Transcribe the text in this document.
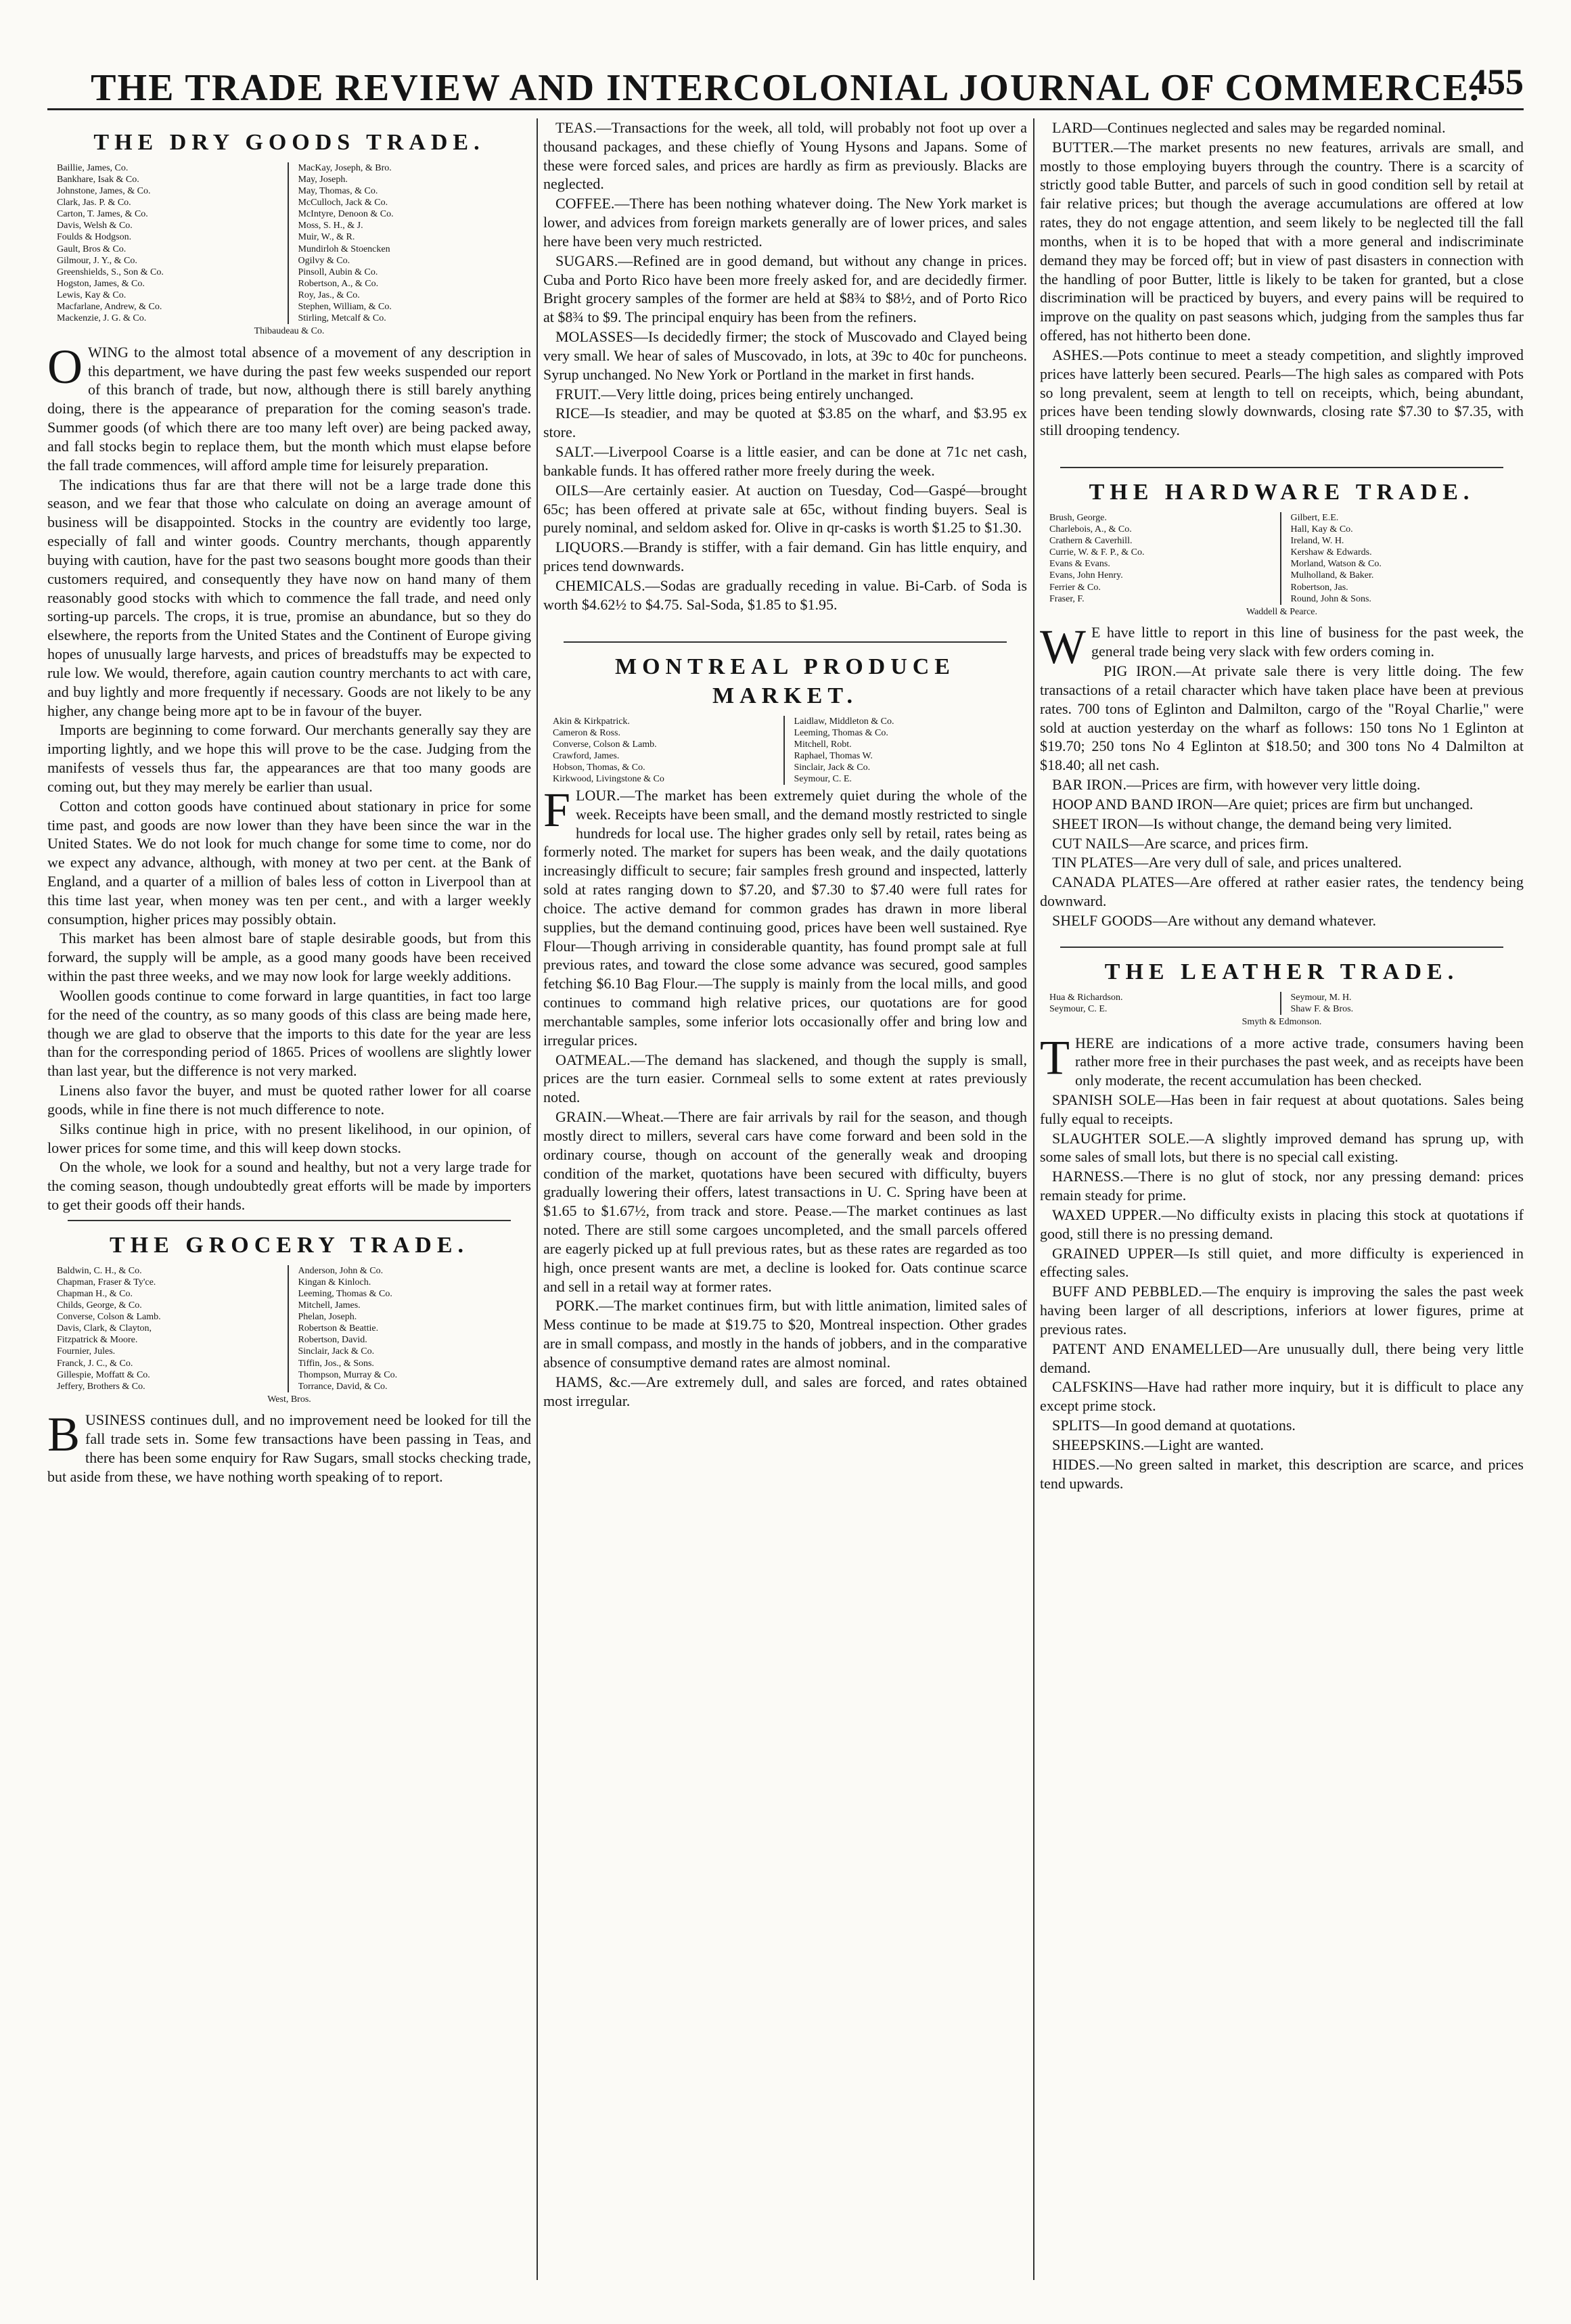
THE TRADE REVIEW AND INTERCOLONIAL JOURNAL OF COMMERCE.
455
THE DRY GOODS TRADE.
Baillie, James, Co.
Bankhare, Isak & Co.
Johnstone, James, & Co.
Clark, Jas. P. & Co.
Carton, T. James, & Co.
Davis, Welsh & Co.
Foulds & Hodgson.
Gault, Bros & Co.
Gilmour, J. Y., & Co.
Greenshields, S., Son & Co.
Hogston, James, & Co.
Lewis, Kay & Co.
Macfarlane, Andrew, & Co.
Mackenzie, J. G. & Co.
MacKay, Joseph, & Bro.
May, Joseph.
May, Thomas, & Co.
McCulloch, Jack & Co.
McIntyre, Denoon & Co.
Moss, S. H., & J.
Muir, W., & R.
Mundirloh & Stoencken
Ogilvy & Co.
Pinsoll, Aubin & Co.
Robertson, A., & Co.
Roy, Jas., & Co.
Stephen, William, & Co.
Stirling, Metcalf & Co.
Thibaudeau & Co.

OWING to the almost total absence of a movement of any description in this department, we have during the past few weeks suspended our report of this branch of trade, but now, although there is still barely anything doing, there is the appearance of preparation for the coming season's trade. Summer goods (of which there are too many left over) are being packed away, and fall stocks begin to replace them, but the month which must elapse before the fall trade commences, will afford ample time for leisurely preparation.

The indications thus far are that there will not be a large trade done this season, and we fear that those who calculate on doing an average amount of business will be disappointed. Stocks in the country are evidently too large, especially of fall and winter goods. Country merchants, though apparently buying with caution, have for the past two seasons bought more goods than their customers required, and consequently they have now on hand many of them reasonably good stocks with which to commence the fall trade, and need only sorting-up parcels. The crops, it is true, promise an abundance, but so they do elsewhere, the reports from the United States and the Continent of Europe giving hopes of unusually large harvests, and prices of breadstuffs may be expected to rule low. We would, therefore, again caution country merchants to act with care, and buy lightly and more frequently if necessary. Goods are not likely to be any higher, any change being more apt to be in favour of the buyer.

Imports are beginning to come forward. Our merchants generally say they are importing lightly, and we hope this will prove to be the case. Judging from the manifests of vessels thus far, the appearances are that too many goods are coming out, but they may merely be earlier than usual.

Cotton and cotton goods have continued about stationary in price for some time past, and goods are now lower than they have been since the war in the United States. We do not look for much change for some time to come, nor do we expect any advance, although, with money at two per cent. at the Bank of England, and a quarter of a million of bales less of cotton in Liverpool than at this time last year, when money was ten per cent., and with a larger weekly consumption, higher prices may possibly obtain.

This market has been almost bare of staple desirable goods, but from this forward, the supply will be ample, as a good many goods have been received within the past three weeks, and we may now look for large weekly additions.

Woollen goods continue to come forward in large quantities, in fact too large for the need of the country, as so many goods of this class are being made here, though we are glad to observe that the imports to this date for the year are less than for the corresponding period of 1865. Prices of woollens are slightly lower than last year, but the difference is not very marked.

Linens also favor the buyer, and must be quoted rather lower for all coarse goods, while in fine there is not much difference to note.

Silks continue high in price, with no present likelihood, in our opinion, of lower prices for some time, and this will keep down stocks.

On the whole, we look for a sound and healthy, but not a very large trade for the coming season, though undoubtedly great efforts will be made by importers to get their goods off their hands.

THE GROCERY TRADE.
Baldwin, C. H., & Co.
Chapman, Fraser & Ty'ce.
Chapman H., & Co.
Childs, George, & Co.
Converse, Colson & Lamb.
Davis, Clark, & Clayton,
Fitzpatrick & Moore.
Fournier, Jules.
Franck, J. C., & Co.
Gillespie, Moffatt & Co.
Jeffery, Brothers & Co.
Anderson, John & Co.
Kingan & Kinloch.
Leeming, Thomas & Co.
Mitchell, James.
Phelan, Joseph.
Robertson & Beattie.
Robertson, David.
Sinclair, Jack & Co.
Tiffin, Jos., & Sons.
Thompson, Murray & Co.
Torrance, David, & Co.
West, Bros.

BUSINESS continues dull, and no improvement need be looked for till the fall trade sets in. Some few transactions have been passing in Teas, and there has been some enquiry for Raw Sugars, small stocks checking trade, but aside from these, we have nothing worth speaking of to report.

TEAS.—Transactions for the week, all told, will probably not foot up over a thousand packages, and these chiefly of Young Hysons and Japans. Some of these were forced sales, and prices are hardly as firm as previously. Blacks are neglected.

COFFEE.—There has been nothing whatever doing. The New York market is lower, and advices from foreign markets generally are of lower prices, and sales here have been very much restricted.

SUGARS.—Refined are in good demand, but without any change in prices. Cuba and Porto Rico have been more freely asked for, and are decidedly firmer. Bright grocery samples of the former are held at $8¾ to $8½, and of Porto Rico at $8¾ to $9. The principal enquiry has been from the refiners.

MOLASSES—Is decidedly firmer; the stock of Muscovado and Clayed being very small. We hear of sales of Muscovado, in lots, at 39c to 40c for puncheons. Syrup unchanged. No New York or Portland in the market in first hands.

FRUIT.—Very little doing, prices being entirely unchanged.

RICE—Is steadier, and may be quoted at $3.85 on the wharf, and $3.95 ex store.

SALT.—Liverpool Coarse is a little easier, and can be done at 71c net cash, bankable funds. It has offered rather more freely during the week.

OILS—Are certainly easier. At auction on Tuesday, Cod—Gaspé—brought 65c; has been offered at private sale at 65c, without finding buyers. Seal is purely nominal, and seldom asked for. Olive in qr-casks is worth $1.25 to $1.30.

LIQUORS.—Brandy is stiffer, with a fair demand. Gin has little enquiry, and prices tend downwards.

CHEMICALS.—Sodas are gradually receding in value. Bi-Carb. of Soda is worth $4.62½ to $4.75. Sal-Soda, $1.85 to $1.95.

MONTREAL PRODUCE MARKET.
Akin & Kirkpatrick.
Cameron & Ross.
Converse, Colson & Lamb.
Crawford, James.
Hobson, Thomas, & Co.
Kirkwood, Livingstone & Co
Laidlaw, Middleton & Co.
Leeming, Thomas & Co.
Mitchell, Robt.
Raphael, Thomas W.
Sinclair, Jack & Co.
Seymour, C. E.

FLOUR.—The market has been extremely quiet during the whole of the week. Receipts have been small, and the demand mostly restricted to single hundreds for local use. The higher grades only sell by retail, rates being as formerly noted. The market for supers has been weak, and the daily quotations increasingly difficult to secure; fair samples fresh ground and inspected, latterly sold at rates ranging down to $7.20, and $7.30 to $7.40 were full rates for choice. The active demand for common grades has drawn in more liberal supplies, but the demand continuing good, prices have been well sustained. Rye Flour—Though arriving in considerable quantity, has found prompt sale at full previous rates, and toward the close some advance was secured, good samples fetching $6.10 Bag Flour.—The supply is mainly from the local mills, and good continues to command high relative prices, our quotations are for good merchantable samples, some inferior lots occasionally offer and bring low and irregular prices.

OATMEAL.—The demand has slackened, and though the supply is small, prices are the turn easier. Cornmeal sells to some extent at rates previously noted.

GRAIN.—Wheat.—There are fair arrivals by rail for the season, and though mostly direct to millers, several cars have come forward and been sold in the ordinary course, though on account of the generally weak and drooping condition of the market, quotations have been secured with difficulty, buyers gradually lowering their offers, latest transactions in U. C. Spring have been at $1.65 to $1.67½, from track and store. Pease.—The market continues as last noted. There are still some cargoes uncompleted, and the small parcels offered are eagerly picked up at full previous rates, but as these rates are regarded as too high, once present wants are met, a decline is looked for. Oats continue scarce and sell in a retail way at former rates.

PORK.—The market continues firm, but with little animation, limited sales of Mess continue to be made at $19.75 to $20, Montreal inspection. Other grades are in small compass, and mostly in the hands of jobbers, and in the comparative absence of consumptive demand rates are almost nominal.

HAMS, &c.—Are extremely dull, and sales are forced, and rates obtained most irregular.

LARD—Continues neglected and sales may be regarded nominal.

BUTTER.—The market presents no new features, arrivals are small, and mostly to those employing buyers through the country. There is a scarcity of strictly good table Butter, and parcels of such in good condition sell by retail at fair relative prices; but though the average accumulations are offered at low rates, they do not engage attention, and seem likely to be neglected till the fall months, when it is to be hoped that with a more general and indiscriminate demand they may be forced off; but in view of past disasters in connection with the handling of poor Butter, little is likely to be taken for granted, but a close discrimination will be practiced by buyers, and every pains will be required to improve on the quality on past seasons which, judging from the samples thus far offered, has not hitherto been done.

ASHES.—Pots continue to meet a steady competition, and slightly improved prices have latterly been secured. Pearls—The high sales as compared with Pots so long prevalent, seem at length to tell on receipts, which, being abundant, prices have been tending slowly downwards, closing rate $7.30 to $7.35, with still drooping tendency.

THE HARDWARE TRADE.
Brush, George.
Charlebois, A., & Co.
Crathern & Caverhill.
Currie, W. & F. P., & Co.
Evans & Evans.
Evans, John Henry.
Ferrier & Co.
Fraser, F.
Gilbert, E.E.
Hall, Kay & Co.
Ireland, W. H.
Kershaw & Edwards.
Morland, Watson & Co.
Mulholland, & Baker.
Robertson, Jas.
Round, John & Sons.
Waddell & Pearce.

W E have little to report in this line of business for the past week, the general trade being very slack with few orders coming in.

PIG IRON.—At private sale there is very little doing. The few transactions of a retail character which have taken place have been at previous rates. 700 tons of Eglinton and Dalmilton, cargo of the "Royal Charlie," were sold at auction yesterday on the wharf as follows: 150 tons No 1 Eglinton at $19.70; 250 tons No 4 Eglinton at $18.50; and 300 tons No 4 Dalmilton at $18.40; all net cash.

BAR IRON.—Prices are firm, with however very little doing.

HOOP AND BAND IRON—Are quiet; prices are firm but unchanged.

SHEET IRON—Is without change, the demand being very limited.

CUT NAILS—Are scarce, and prices firm.

TIN PLATES—Are very dull of sale, and prices unaltered.

CANADA PLATES—Are offered at rather easier rates, the tendency being downward.

SHELF GOODS—Are without any demand whatever.

THE LEATHER TRADE.
Hua & Richardson.
Seymour, C. E.
Seymour, M. H.
Shaw F. & Bros.
Smyth & Edmonson.

THERE are indications of a more active trade, consumers having been rather more free in their purchases the past week, and as receipts have been only moderate, the recent accumulation has been checked.

SPANISH SOLE—Has been in fair request at about quotations. Sales being fully equal to receipts.

SLAUGHTER SOLE.—A slightly improved demand has sprung up, with some sales of small lots, but there is no special call existing.

HARNESS.—There is no glut of stock, nor any pressing demand: prices remain steady for prime.

WAXED UPPER.—No difficulty exists in placing this stock at quotations if good, still there is no pressing demand.

GRAINED UPPER—Is still quiet, and more difficulty is experienced in effecting sales.

BUFF AND PEBBLED.—The enquiry is improving the sales the past week having been larger of all descriptions, inferiors at lower figures, prime at previous rates.

PATENT AND ENAMELLED—Are unusually dull, there being very little demand.

CALFSKINS—Have had rather more inquiry, but it is difficult to place any except prime stock.

SPLITS—In good demand at quotations.

SHEEPSKINS.—Light are wanted.

HIDES.—No green salted in market, this description are scarce, and prices tend upwards.
